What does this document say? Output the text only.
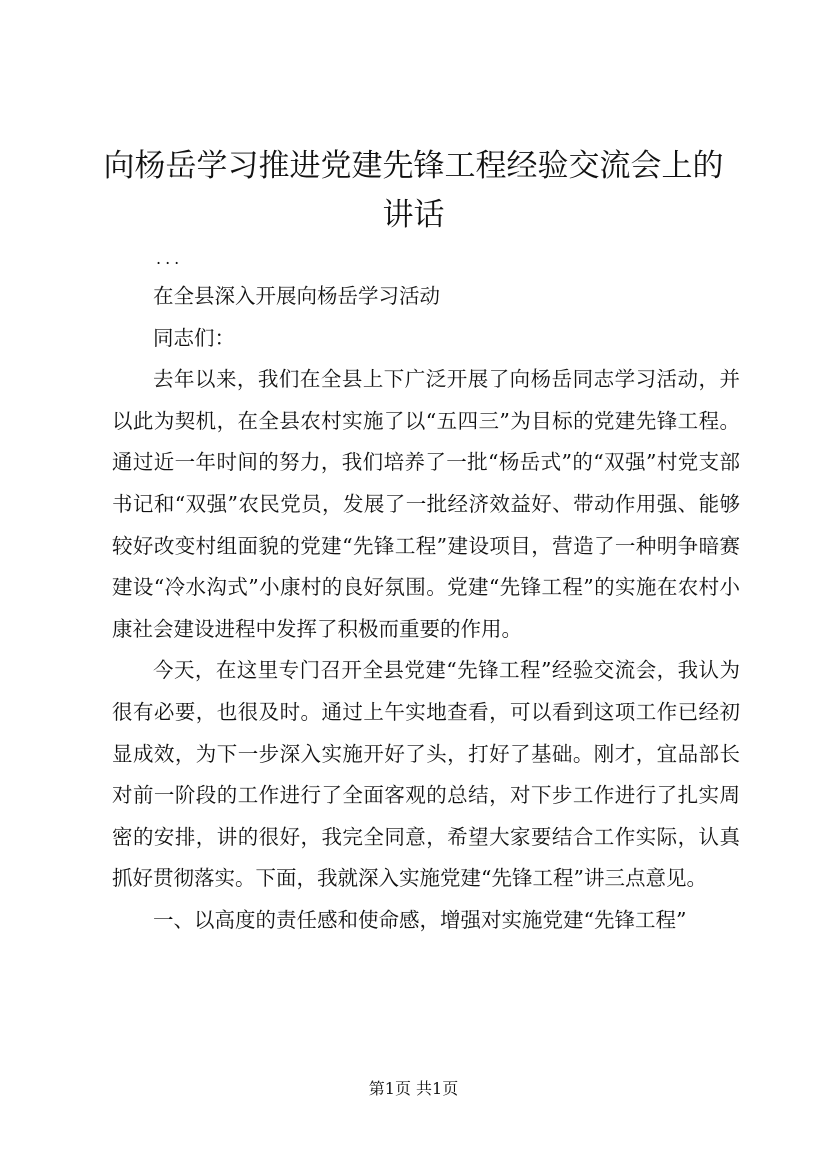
向杨岳学习推进党建先锋工程经验交流会上的
讲话

...

在全县深入开展向杨岳学习活动

同志们：

去年以来，我们在全县上下广泛开展了向杨岳同志学习活动，并以此为契机，在全县农村实施了以“五四三”为目标的党建先锋工程。通过近一年时间的努力，我们培养了一批“杨岳式”的“双强”村党支部书记和“双强”农民党员，发展了一批经济效益好、带动作用强、能够较好改变村组面貌的党建“先锋工程”建设项目，营造了一种明争暗赛建设“冷水沟式”小康村的良好氛围。党建“先锋工程”的实施在农村小康社会建设进程中发挥了积极而重要的作用。

今天，在这里专门召开全县党建“先锋工程”经验交流会，我认为很有必要，也很及时。通过上午实地查看，可以看到这项工作已经初显成效，为下一步深入实施开好了头，打好了基础。刚才，宜品部长对前一阶段的工作进行了全面客观的总结，对下步工作进行了扎实周密的安排，讲的很好，我完全同意，希望大家要结合工作实际，认真抓好贯彻落实。下面，我就深入实施党建“先锋工程”讲三点意见。

一、以高度的责任感和使命感，增强对实施党建“先锋工程”

第1页 共1页
